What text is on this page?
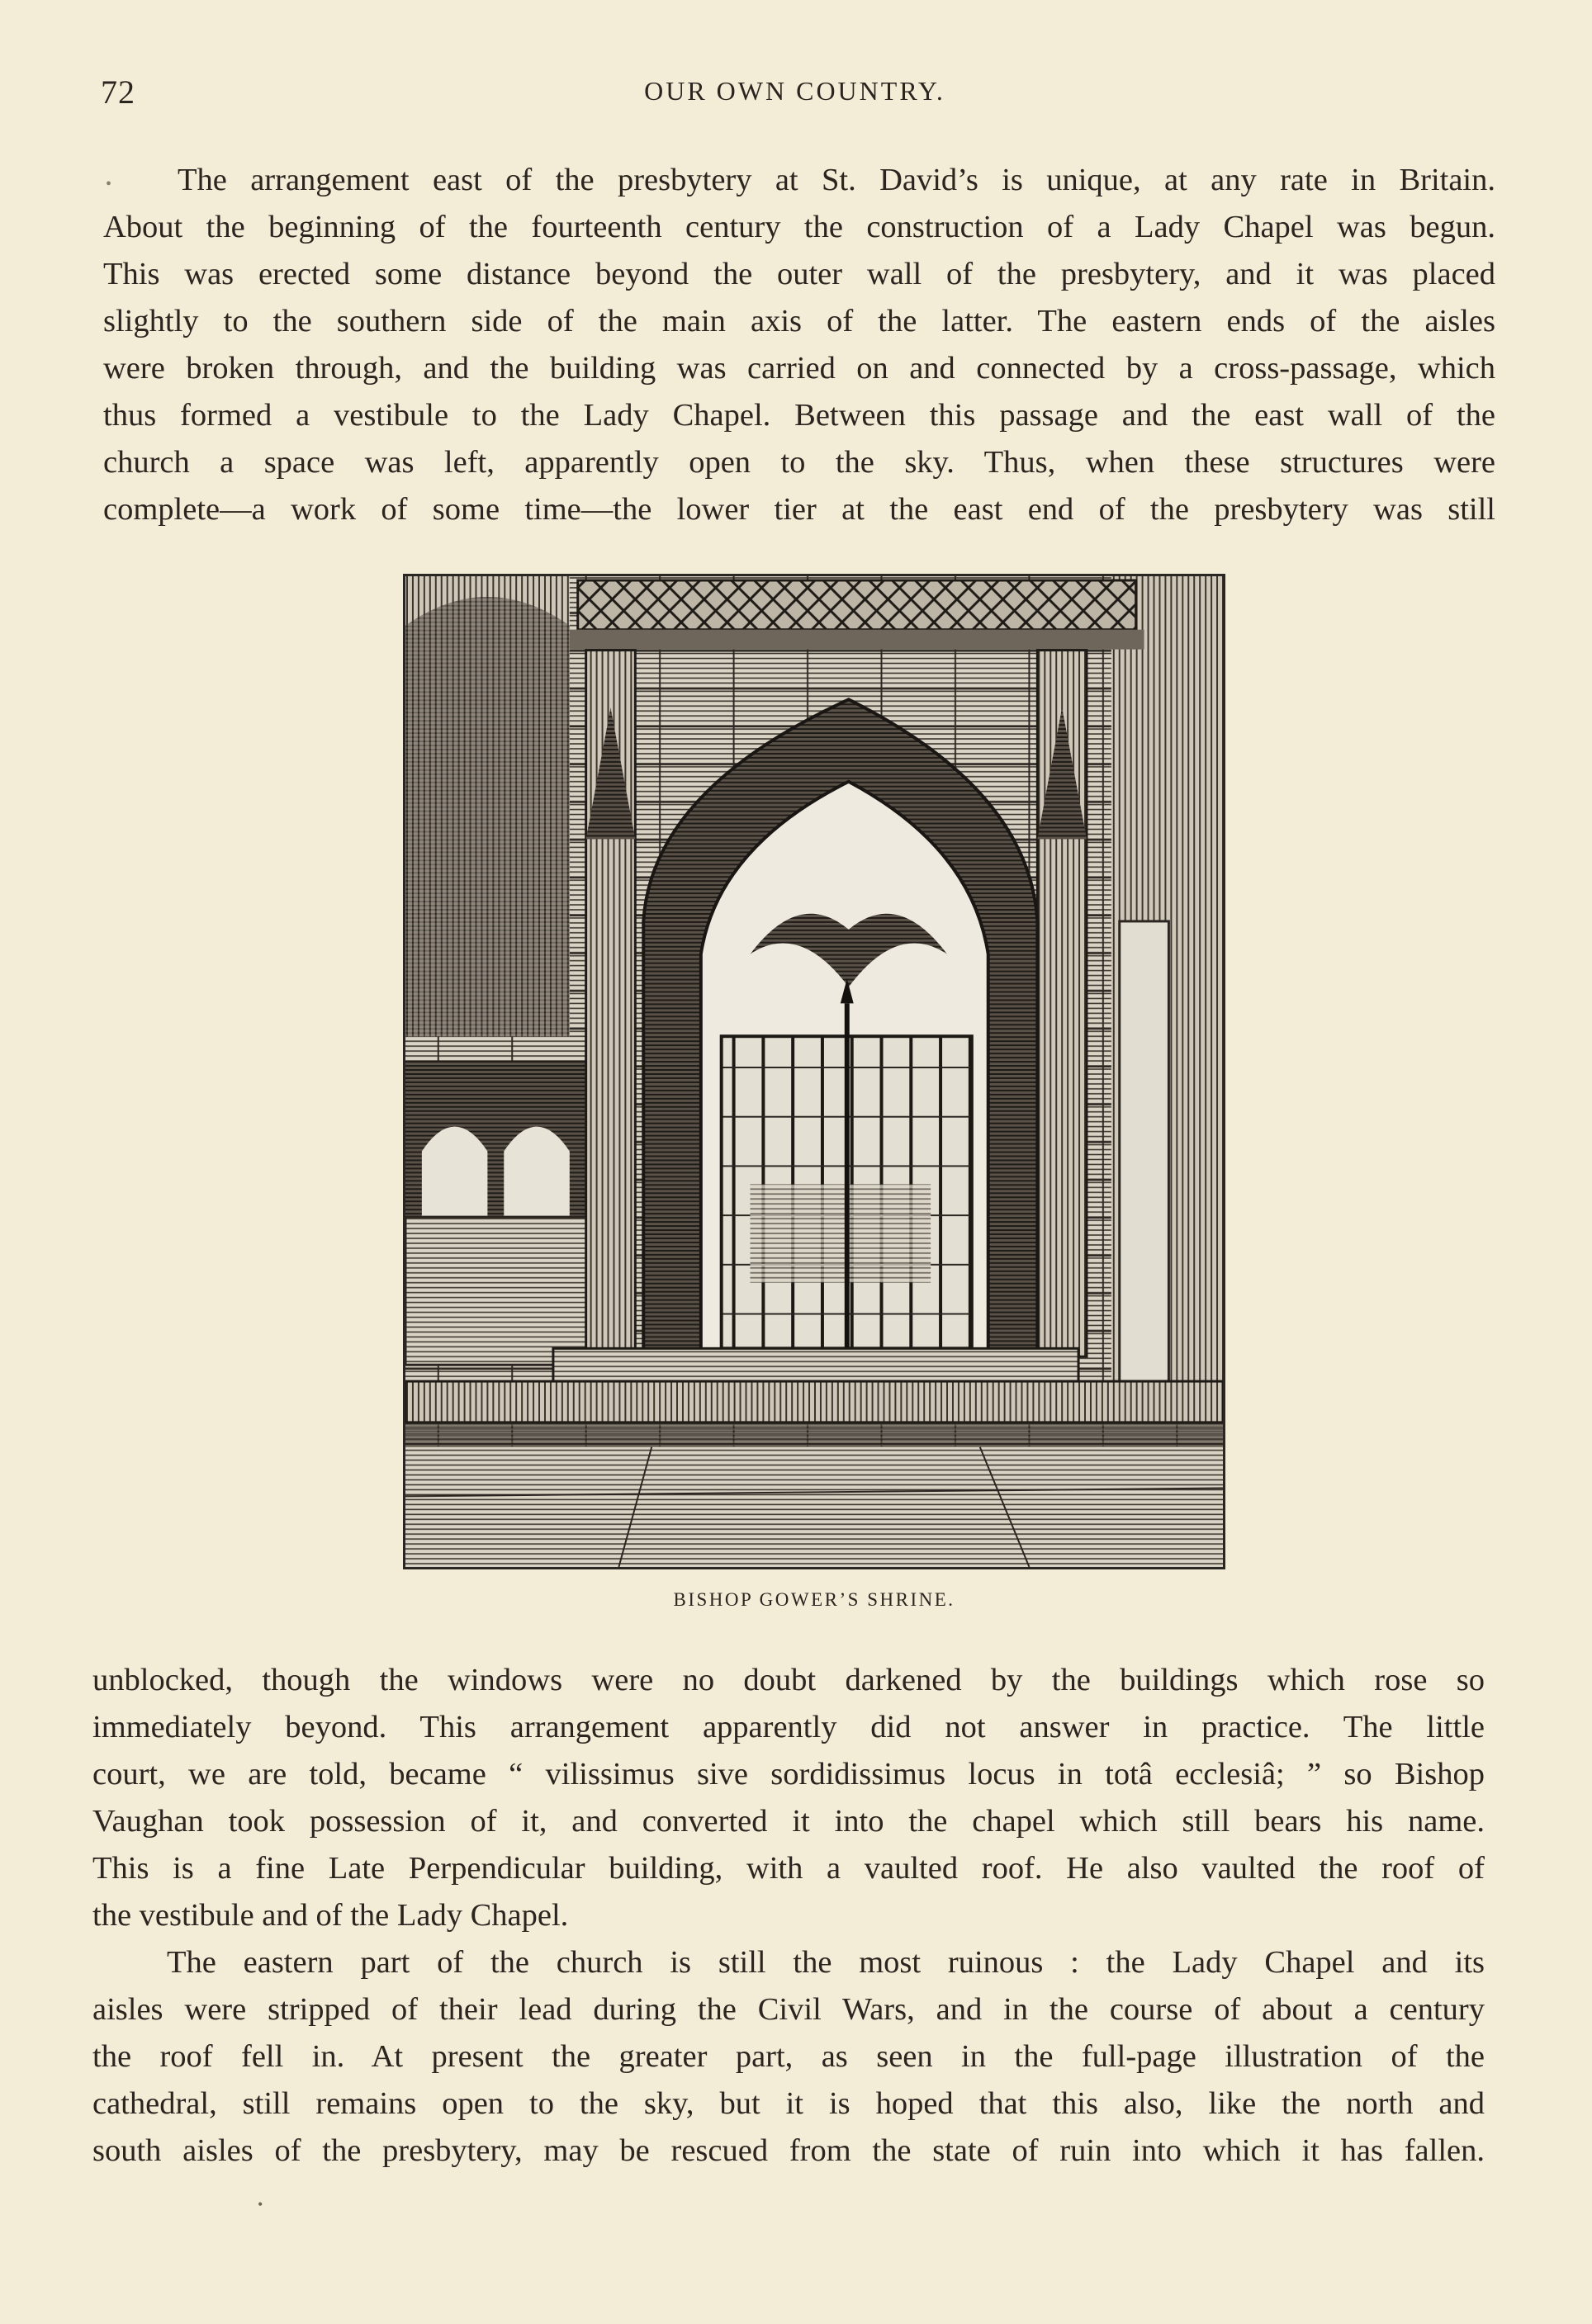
72	OUR OWN COUNTRY.
•	The arrangement east of the presbytery at St. David’s is unique, at any rate in Britain.

About the beginning of the fourteenth century the construction of a Lady Chapel was begun.

This was erected some distance beyond the outer wall of the presbytery, and it was placed

slightly to the southern side of the main axis of the latter. The eastern ends of the aisles

were broken through, and the building was carried on and connected by a cross-passage, which

thus formed a vestibule to the Lady Chapel. Between this passage and the east wall of the

church a space was left, apparently open to the sky. Thus, when these structures were

complete—a work of some time—the lower tier at the east end of the presbytery was still

BISHOP GOWER’S SHRINE.

unblocked, though the windows were no doubt darkened by the buildings which rose so

immediately beyond. This arrangement apparently did not answer in practice. The little

court, we are told, became “ vilissimus sive sordidissimus locus in totâ ecclesiâ; ” so Bishop

Vaughan took possession of it, and converted it into the chapel which still bears his name.

This is a fine Late Perpendicular building, with a vaulted roof. He also vaulted the roof of

the vestibule and of the Lady Chapel.

The eastern part of the church is still the most ruinous : the Lady Chapel and its

aisles were stripped of their lead during the Civil Wars, and in the course of about a century

the roof fell in. At present the greater part, as seen in the full-page illustration of the

cathedral, still remains open to the sky, but it is hoped that this also, like the north and

south aisles of the presbytery, may be rescued from the state of ruin into which it has fallen.

•
